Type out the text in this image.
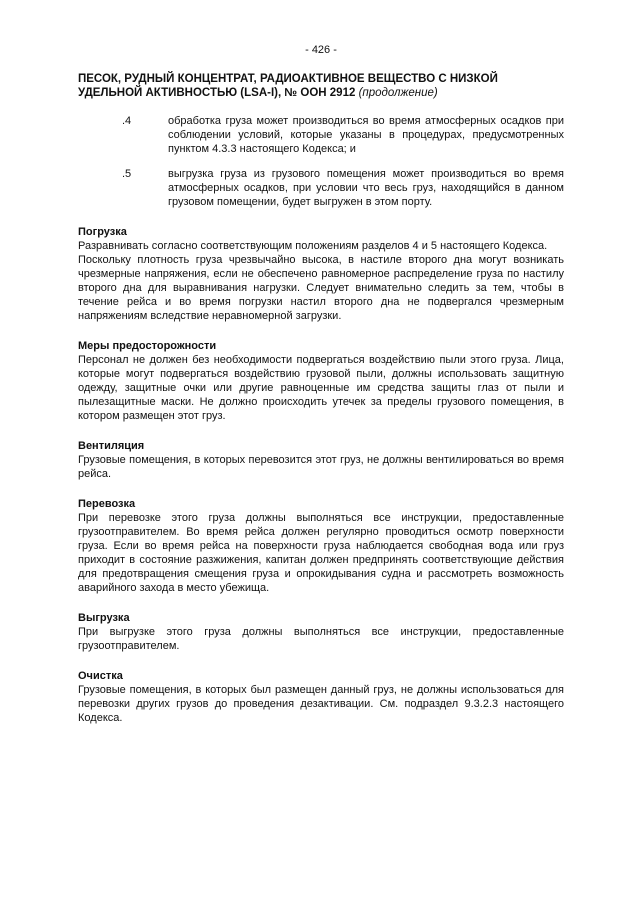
- 426 -
ПЕСОК, РУДНЫЙ КОНЦЕНТРАТ, РАДИОАКТИВНОЕ ВЕЩЕСТВО С НИЗКОЙ УДЕЛЬНОЙ АКТИВНОСТЬЮ (LSA-I), № ООН 2912 (продолжение)
.4	обработка груза может производиться во время атмосферных осадков при соблюдении условий, которые указаны в процедурах, предусмотренных пунктом 4.3.3 настоящего Кодекса; и
.5	выгрузка груза из грузового помещения может производиться во время атмосферных осадков, при условии что весь груз, находящийся в данном грузовом помещении, будет выгружен в этом порту.

Погрузка

Разравнивать согласно соответствующим положениям разделов 4 и 5 настоящего Кодекса.

Поскольку плотность груза чрезвычайно высока, в настиле второго дна могут возникать чрезмерные напряжения, если не обеспечено равномерное распределение груза по настилу второго дна для выравнивания нагрузки. Следует внимательно следить за тем, чтобы в течение рейса и во время погрузки настил второго дна не подвергался чрезмерным напряжениям вследствие неравномерной загрузки.

Меры предосторожности

Персонал не должен без необходимости подвергаться воздействию пыли этого груза. Лица, которые могут подвергаться воздействию грузовой пыли, должны использовать защитную одежду, защитные очки или другие равноценные им средства защиты глаз от пыли и пылезащитные маски. Не должно происходить утечек за пределы грузового помещения, в котором размещен этот груз.

Вентиляция

Грузовые помещения, в которых перевозится этот груз, не должны вентилироваться во время рейса.

Перевозка

При перевозке этого груза должны выполняться все инструкции, предоставленные грузоотправителем. Во время рейса должен регулярно проводиться осмотр поверхности груза. Если во время рейса на поверхности груза наблюдается свободная вода или груз приходит в состояние разжижения, капитан должен предпринять соответствующие действия для предотвращения смещения груза и опрокидывания судна и рассмотреть возможность аварийного захода в место убежища.

Выгрузка

При выгрузке этого груза должны выполняться все инструкции, предоставленные грузоотправителем.

Очистка

Грузовые помещения, в которых был размещен данный груз, не должны использоваться для перевозки других грузов до проведения дезактивации. См. подраздел 9.3.2.3 настоящего Кодекса.
